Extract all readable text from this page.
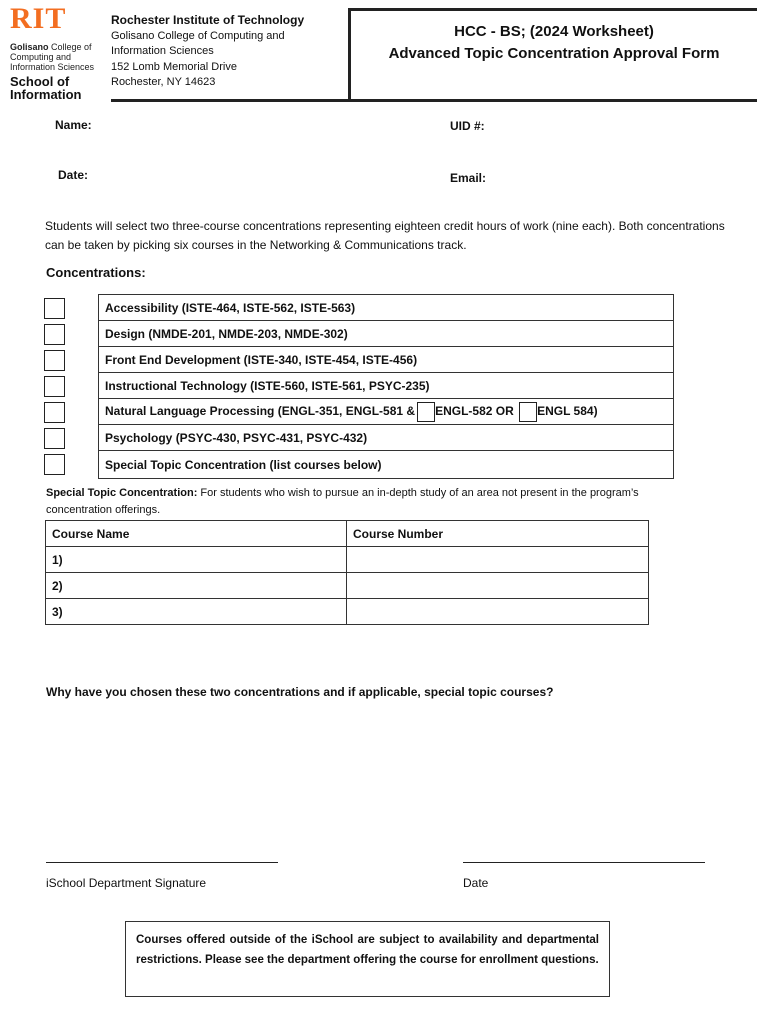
RIT
Golisano College of Computing and Information Sciences
School of Information
Rochester Institute of Technology
Golisano College of Computing and
Information Sciences
152 Lomb Memorial Drive
Rochester, NY 14623
HCC - BS; (2024 Worksheet)
Advanced Topic Concentration Approval Form
Name:	UID #:
Date:	Email:
Students will select two three-course concentrations representing eighteen credit hours of work (nine each). Both concentrations can be taken by picking six courses in the Networking & Communications track.
Concentrations:
Accessibility (ISTE-464, ISTE-562, ISTE-563)
Design (NMDE-201, NMDE-203, NMDE-302)
Front End Development (ISTE-340, ISTE-454, ISTE-456)
Instructional Technology (ISTE-560, ISTE-561, PSYC-235)
Natural Language Processing (ENGL-351, ENGL-581 & ENGL-582 OR ENGL 584)
Psychology (PSYC-430, PSYC-431, PSYC-432)
Special Topic Concentration (list courses below)
Special Topic Concentration: For students who wish to pursue an in-depth study of an area not present in the program’s concentration offerings.
Course Name	Course Number
1)	
2)	
3)	
Why have you chosen these two concentrations and if applicable, special topic courses?
iSchool Department Signature	Date
Courses offered outside of the iSchool are subject to availability and departmental restrictions. Please see the department offering the course for enrollment questions.
